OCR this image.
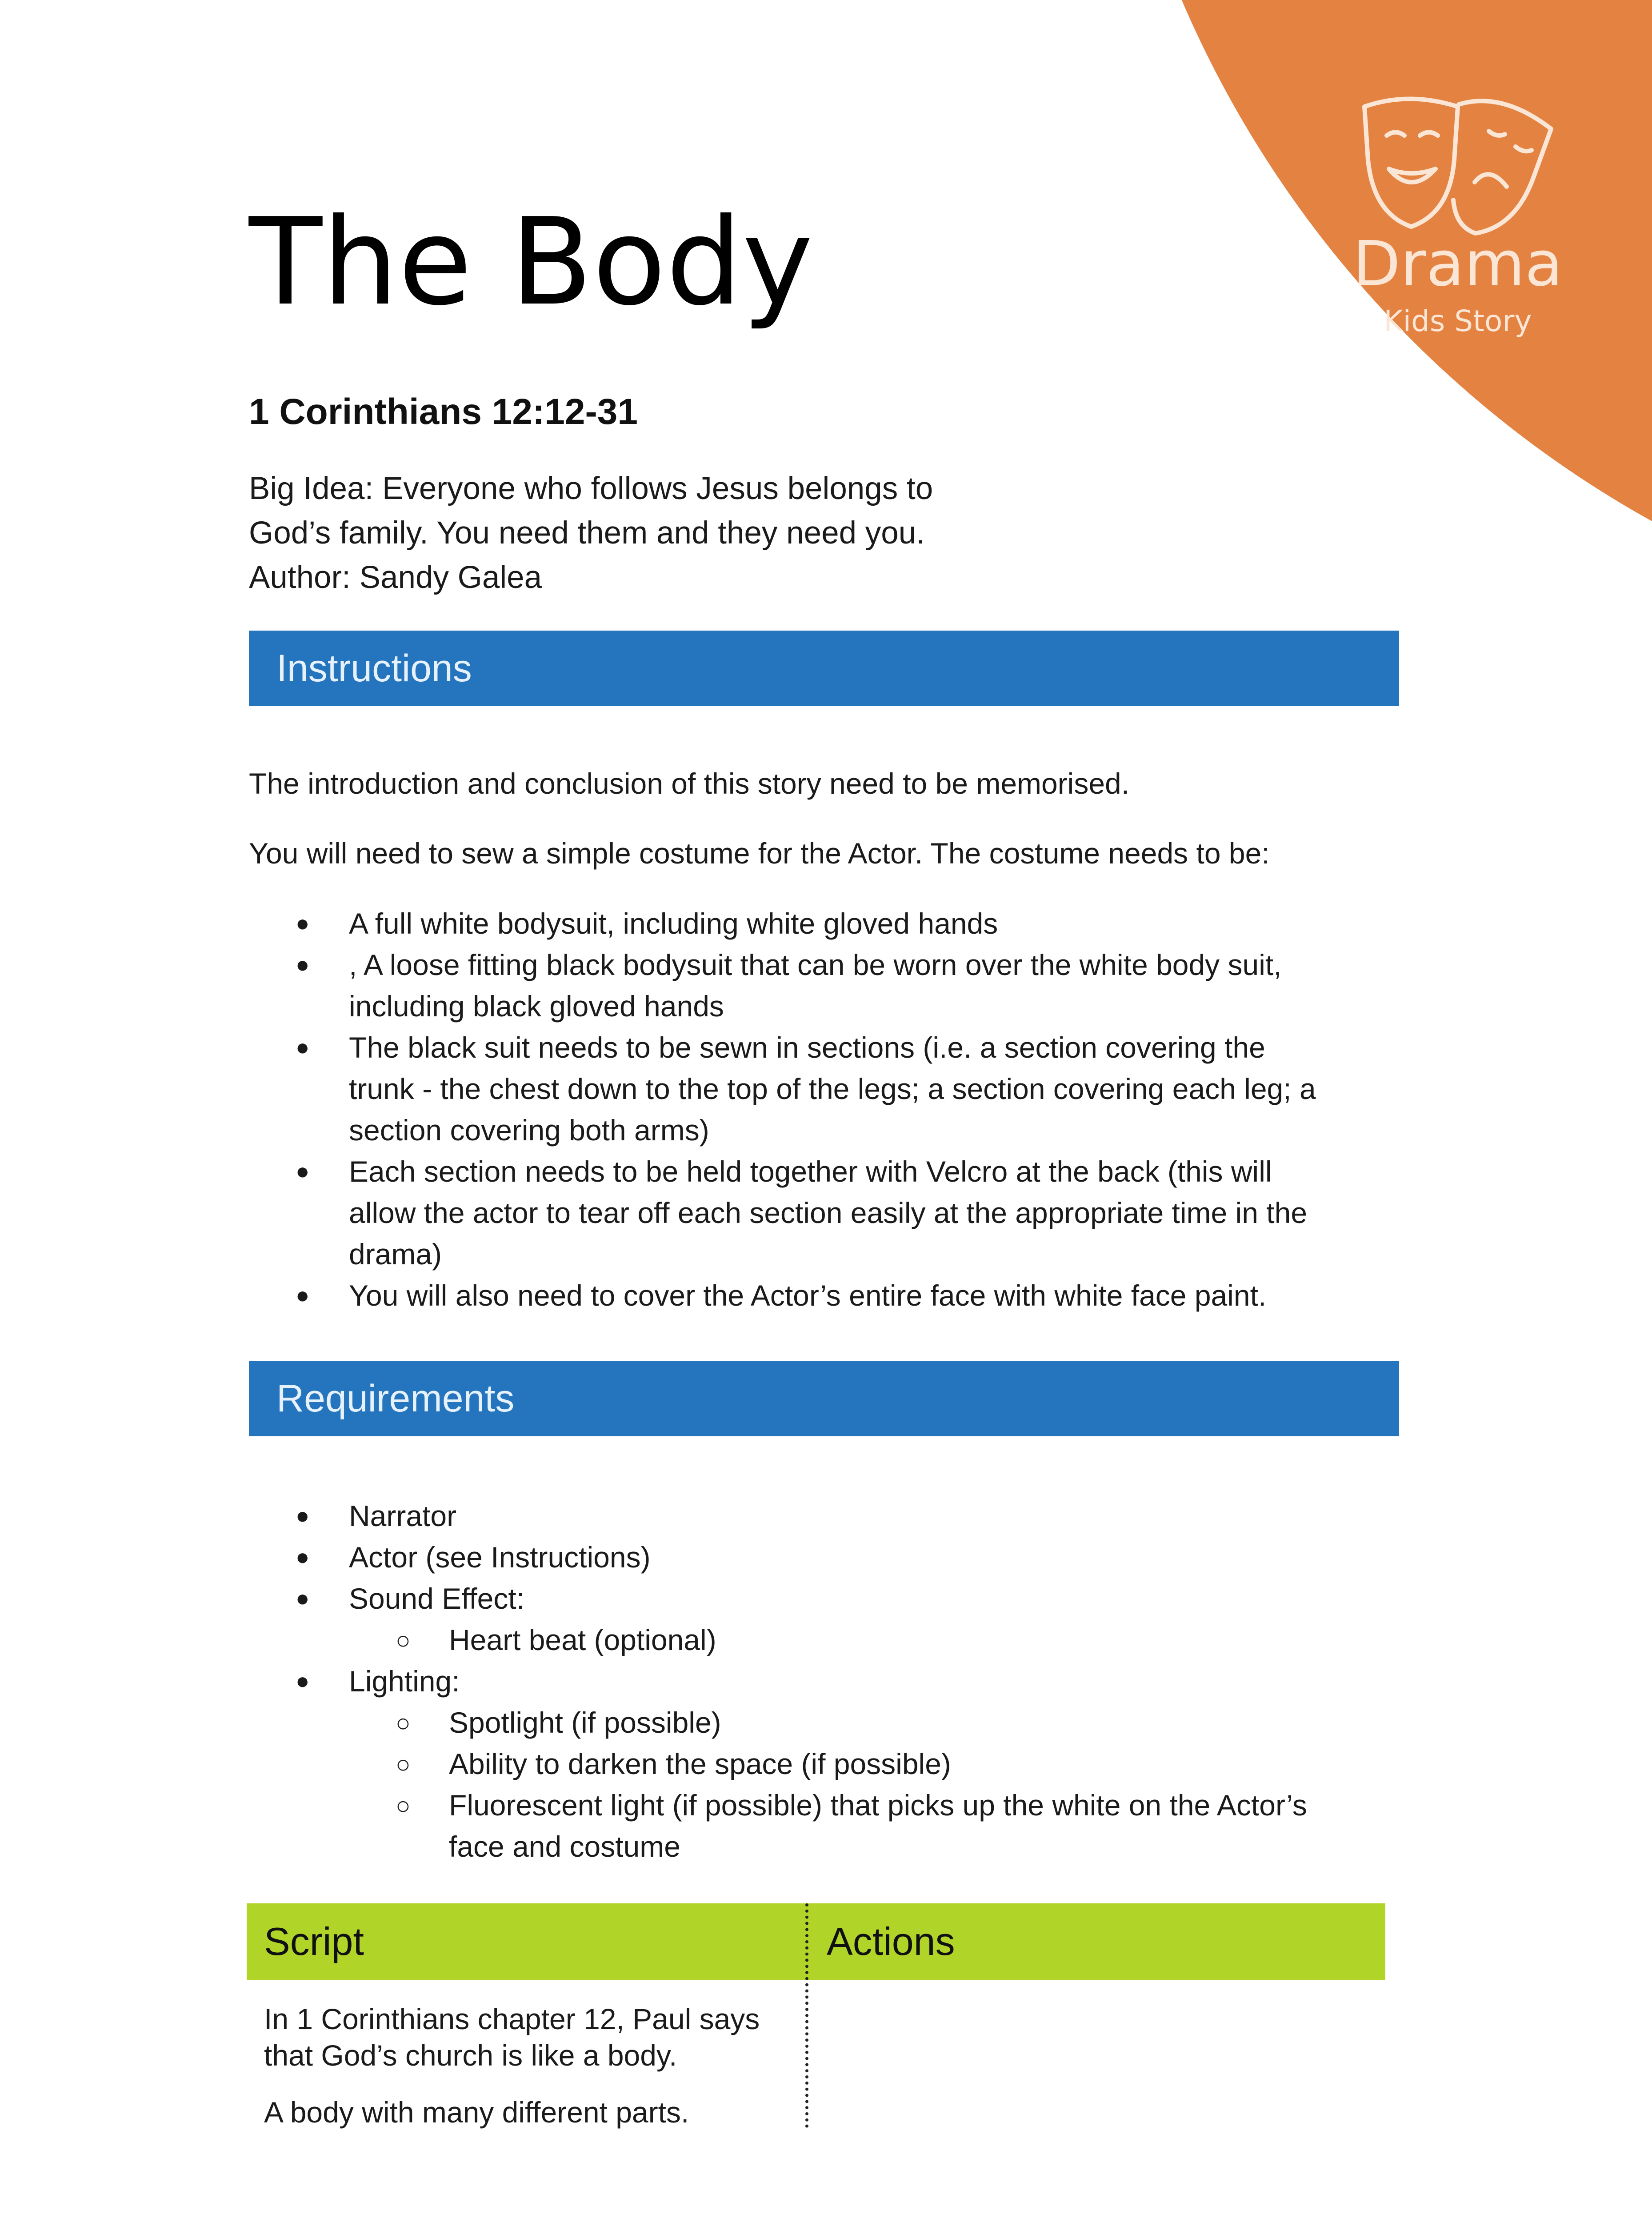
Drama
Kids Story
The Body
1 Corinthians 12:12-31
Big Idea: Everyone who follows Jesus belongs to
God’s family. You need them and they need you.
Author: Sandy Galea
Instructions
The introduction and conclusion of this story need to be memorised.
You will need to sew a simple costume for the Actor. The costume needs to be:
● A full white bodysuit, including white gloved hands
● , A loose fitting black bodysuit that can be worn over the white body suit,
including black gloved hands
● The black suit needs to be sewn in sections (i.e. a section covering the
trunk - the chest down to the top of the legs; a section covering each leg; a
section covering both arms)
● Each section needs to be held together with Velcro at the back (this will
allow the actor to tear off each section easily at the appropriate time in the
drama)
● You will also need to cover the Actor’s entire face with white face paint.
Requirements
● Narrator
● Actor (see Instructions)
● Sound Effect:
○ Heart beat (optional)
● Lighting:
○ Spotlight (if possible)
○ Ability to darken the space (if possible)
○ Fluorescent light (if possible) that picks up the white on the Actor’s
face and costume
Script	Actions
In 1 Corinthians chapter 12, Paul says
that God’s church is like a body.
A body with many different parts.
